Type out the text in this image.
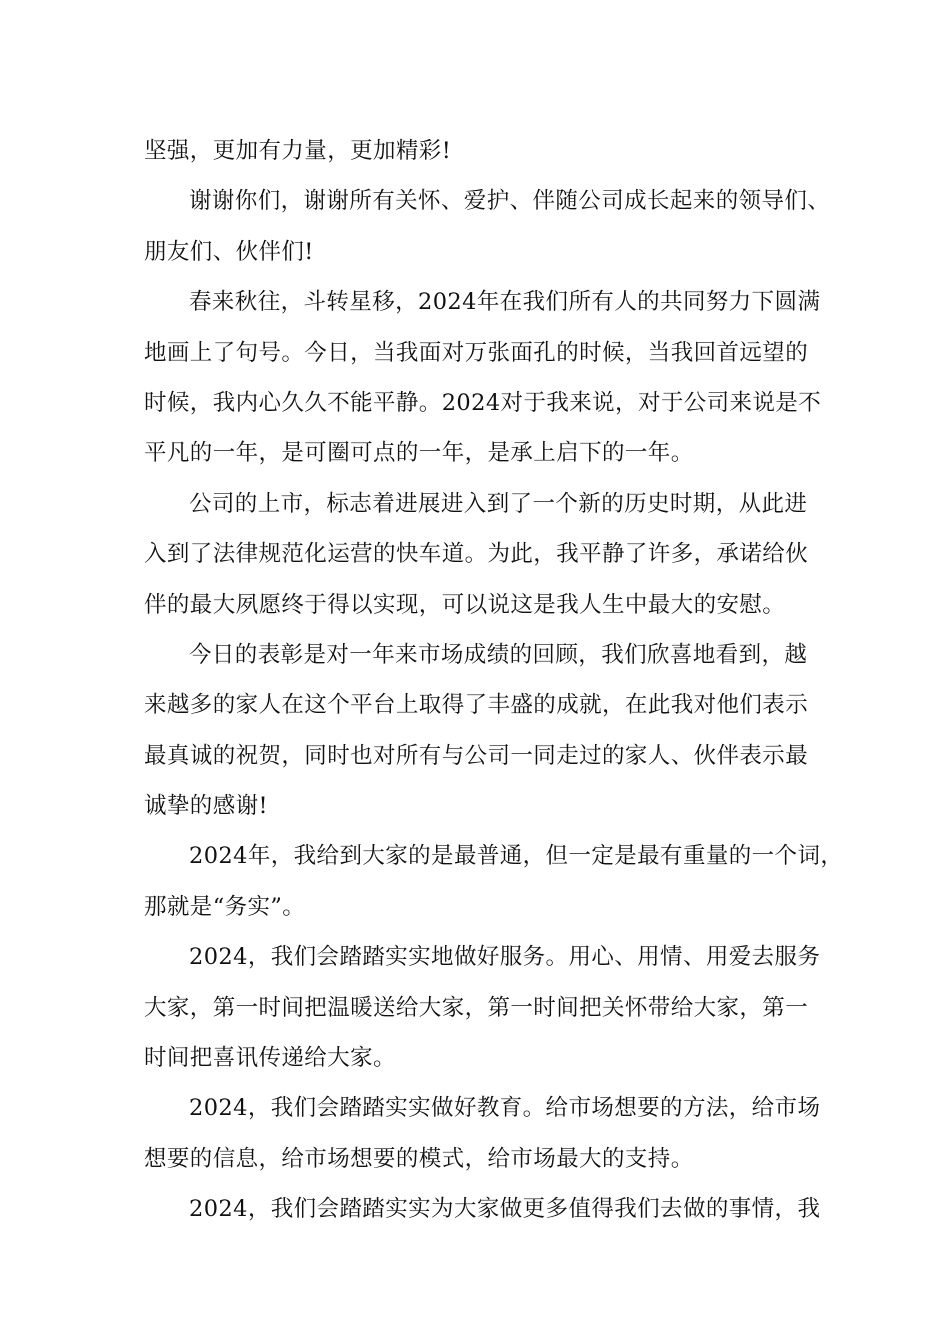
坚强，更加有力量，更加精彩!
谢谢你们，谢谢所有关怀、爱护、伴随公司成长起来的领导们、
朋友们、伙伴们!
春来秋往，斗转星移，2024年在我们所有人的共同努力下圆满
地画上了句号。今日，当我面对万张面孔的时候，当我回首远望的
时候，我内心久久不能平静。2024对于我来说，对于公司来说是不
平凡的一年，是可圈可点的一年，是承上启下的一年。
公司的上市，标志着进展进入到了一个新的历史时期，从此进
入到了法律规范化运营的快车道。为此，我平静了许多，承诺给伙
伴的最大夙愿终于得以实现，可以说这是我人生中最大的安慰。
今日的表彰是对一年来市场成绩的回顾，我们欣喜地看到，越
来越多的家人在这个平台上取得了丰盛的成就，在此我对他们表示
最真诚的祝贺，同时也对所有与公司一同走过的家人、伙伴表示最
诚挚的感谢!
2024年，我给到大家的是最普通，但一定是最有重量的一个词，
那就是“务实”。
2024，我们会踏踏实实地做好服务。用心、用情、用爱去服务
大家，第一时间把温暖送给大家，第一时间把关怀带给大家，第一
时间把喜讯传递给大家。
2024，我们会踏踏实实做好教育。给市场想要的方法，给市场
想要的信息，给市场想要的模式，给市场最大的支持。
2024，我们会踏踏实实为大家做更多值得我们去做的事情，我
